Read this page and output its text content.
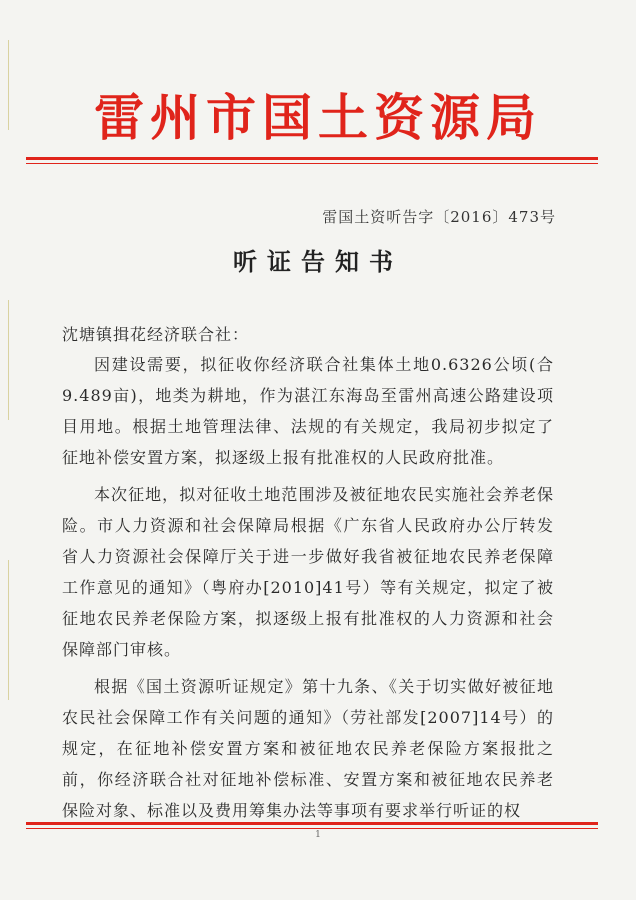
雷州市国土资源局

雷国土资听告字〔2016〕473号

听证告知书

沈塘镇揖花经济联合社：

因建设需要，拟征收你经济联合社集体土地0.6326公顷(合9.489亩)，地类为耕地，作为湛江东海岛至雷州高速公路建设项目用地。根据土地管理法律、法规的有关规定，我局初步拟定了征地补偿安置方案，拟逐级上报有批准权的人民政府批准。

本次征地，拟对征收土地范围涉及被征地农民实施社会养老保险。市人力资源和社会保障局根据《广东省人民政府办公厅转发省人力资源社会保障厅关于进一步做好我省被征地农民养老保障工作意见的通知》（粤府办[2010]41号）等有关规定，拟定了被征地农民养老保险方案，拟逐级上报有批准权的人力资源和社会保障部门审核。

根据《国土资源听证规定》第十九条、《关于切实做好被征地农民社会保障工作有关问题的通知》（劳社部发[2007]14号）的规定，在征地补偿安置方案和被征地农民养老保险方案报批之前，你经济联合社对征地补偿标准、安置方案和被征地农民养老保险对象、标准以及费用筹集办法等事项有要求举行听证的权

1
